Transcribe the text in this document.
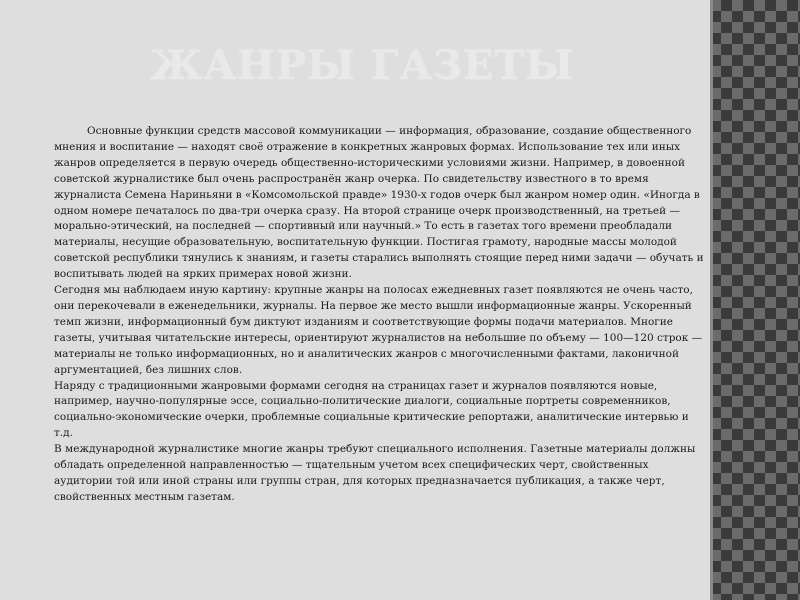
ЖАНРЫ ГАЗЕТЫ

Основные функции средств массовой коммуникации — информация, образование, создание общественного мнения и воспитание — находят своё отражение в конкретных жанровых формах. Использование тех или иных жанров определяется в первую очередь общественно-историческими условиями жизни. Например, в довоенной советской журналистике был очень распространён жанр очерка. По свидетельству известного в то время журналиста Семена Нариньяни в «Комсомольской правде» 1930-х годов очерк был жанром номер один. «Иногда в одном номере печаталось по два-три очерка сразу. На второй странице очерк производственный, на третьей — морально-этический, на последней — спортивный или научный.» То есть в газетах того времени преобладали материалы, несущие образовательную, воспитательную функции. Постигая грамоту, народные массы молодой советской республики тянулись к знаниям, и газеты старались выполнять стоящие перед ними задачи — обучать и воспитывать людей на ярких примерах новой жизни.

Сегодня мы наблюдаем иную картину: крупные жанры на полосах ежедневных газет появляются не очень часто, они перекочевали в еженедельники, журналы. На первое же место вышли информационные жанры. Ускоренный темп жизни, информационный бум диктуют изданиям и соответствующие формы подачи материалов. Многие газеты, учитывая читательские интересы, ориентируют журналистов на небольшие по объему — 100—120 строк — материалы не только информационных, но и аналитических жанров с многочисленными фактами, лаконичной аргументацией, без лишних слов.

Наряду с традиционными жанровыми формами сегодня на страницах газет и журналов появляются новые, например, научно-популярные эссе, социально-политические диалоги, социальные портреты современников, социально-экономические очерки, проблемные социальные критические репортажи, аналитические интервью и т.д.

В международной журналистике многие жанры требуют специального исполнения. Газетные материалы должны обладать определенной направленностью — тщательным учетом всех специфических черт, свойственных аудитории той или иной страны или группы стран, для которых предназначается публикация, а также черт, свойственных местным газетам.
